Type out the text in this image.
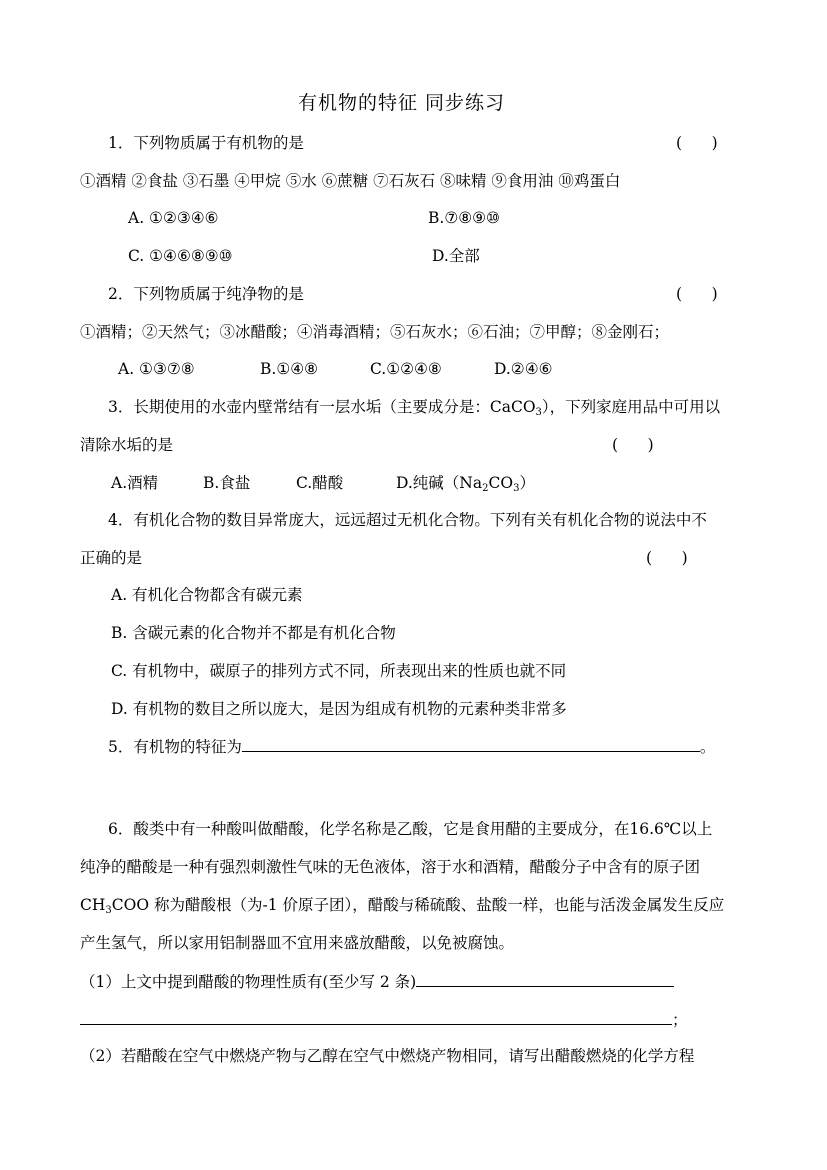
有机物的特征 同步练习
1．下列物质属于有机物的是	(      )
①酒精 ②食盐 ③石墨 ④甲烷 ⑤水 ⑥蔗糖 ⑦石灰石 ⑧味精 ⑨食用油 ⑩鸡蛋白
A. ①②③④⑥	B.⑦⑧⑨⑩
C. ①④⑥⑧⑨⑩	D.全部
2．下列物质属于纯净物的是	(      )
①酒精；②天然气；③冰醋酸；④消毒酒精；⑤石灰水；⑥石油；⑦甲醇；⑧金刚石；
A. ①③⑦⑧	B.①④⑧	C.①②④⑧	D.②④⑥
3．长期使用的水壶内壁常结有一层水垢（主要成分是：CaCO$_3$），下列家庭用品中可用以
清除水垢的是	(      )
A.酒精	B.食盐	C.醋酸	D.纯碱$(Na_2CO_3)$
4．有机化合物的数目异常庞大，远远超过无机化合物。下列有关有机化合物的说法中不
正确的是	(      )
A. 有机化合物都含有碳元素
B. 含碳元素的化合物并不都是有机化合物
C. 有机物中，碳原子的排列方式不同，所表现出来的性质也就不同
D. 有机物的数目之所以庞大，是因为组成有机物的元素种类非常多
5．有机物的特征为	。
6．酸类中有一种酸叫做醋酸，化学名称是乙酸，它是食用醋的主要成分，在16.6℃以上
纯净的醋酸是一种有强烈刺激性气味的无色液体，溶于水和酒精，醋酸分子中含有的原子团
$CH_3COO$ 称为醋酸根（为-1 价原子团），醋酸与稀硫酸、盐酸一样，也能与活泼金属发生反应
产生氢气，所以家用铝制器皿不宜用来盛放醋酸，以免被腐蚀。
（1）上文中提到醋酸的物理性质有(至少写 2 条)
；
（2）若醋酸在空气中燃烧产物与乙醇在空气中燃烧产物相同，请写出醋酸燃烧的化学方程
